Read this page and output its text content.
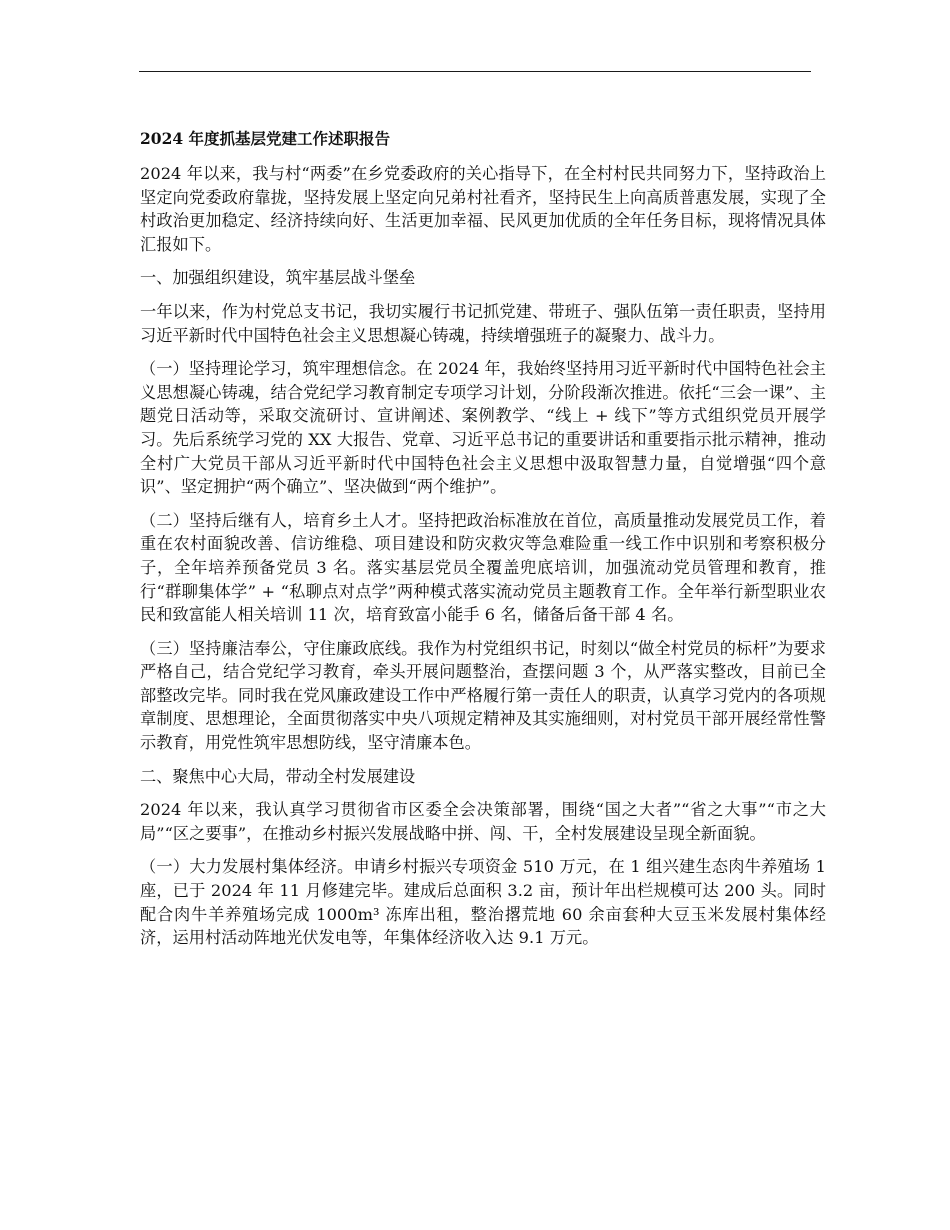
2024 年度抓基层党建工作述职报告

2024 年以来，我与村“两委”在乡党委政府的关心指导下，在全村村民共同努力下，坚持政治上坚定向党委政府靠拢，坚持发展上坚定向兄弟村社看齐，坚持民生上向高质普惠发展，实现了全村政治更加稳定、经济持续向好、生活更加幸福、民风更加优质的全年任务目标，现将情况具体汇报如下。

一、加强组织建设，筑牢基层战斗堡垒

一年以来，作为村党总支书记，我切实履行书记抓党建、带班子、强队伍第一责任职责，坚持用习近平新时代中国特色社会主义思想凝心铸魂，持续增强班子的凝聚力、战斗力。

（一）坚持理论学习，筑牢理想信念。在 2024 年，我始终坚持用习近平新时代中国特色社会主义思想凝心铸魂，结合党纪学习教育制定专项学习计划，分阶段渐次推进。依托“三会一课”、主题党日活动等，采取交流研讨、宣讲阐述、案例教学、“线上 + 线下”等方式组织党员开展学习。先后系统学习党的 XX 大报告、党章、习近平总书记的重要讲话和重要指示批示精神，推动全村广大党员干部从习近平新时代中国特色社会主义思想中汲取智慧力量，自觉增强“四个意识”、坚定拥护“两个确立”、坚决做到“两个维护”。

（二）坚持后继有人，培育乡土人才。坚持把政治标准放在首位，高质量推动发展党员工作，着重在农村面貌改善、信访维稳、项目建设和防灾救灾等急难险重一线工作中识别和考察积极分子，全年培养预备党员 3 名。落实基层党员全覆盖兜底培训，加强流动党员管理和教育，推行“群聊集体学” + “私聊点对点学”两种模式落实流动党员主题教育工作。全年举行新型职业农民和致富能人相关培训 11 次，培育致富小能手 6 名，储备后备干部 4 名。

（三）坚持廉洁奉公，守住廉政底线。我作为村党组织书记，时刻以“做全村党员的标杆”为要求严格自己，结合党纪学习教育，牵头开展问题整治，查摆问题 3 个，从严落实整改，目前已全部整改完毕。同时我在党风廉政建设工作中严格履行第一责任人的职责，认真学习党内的各项规章制度、思想理论，全面贯彻落实中央八项规定精神及其实施细则，对村党员干部开展经常性警示教育，用党性筑牢思想防线，坚守清廉本色。

二、聚焦中心大局，带动全村发展建设

2024 年以来，我认真学习贯彻省市区委全会决策部署，围绕“国之大者”“省之大事”“市之大局”“区之要事”，在推动乡村振兴发展战略中拼、闯、干，全村发展建设呈现全新面貌。

（一）大力发展村集体经济。申请乡村振兴专项资金 510 万元，在 1 组兴建生态肉牛养殖场 1 座，已于 2024 年 11 月修建完毕。建成后总面积 3.2 亩，预计年出栏规模可达 200 头。同时配合肉牛羊养殖场完成 1000m³ 冻库出租，整治撂荒地 60 余亩套种大豆玉米发展村集体经济，运用村活动阵地光伏发电等，年集体经济收入达 9.1 万元。
